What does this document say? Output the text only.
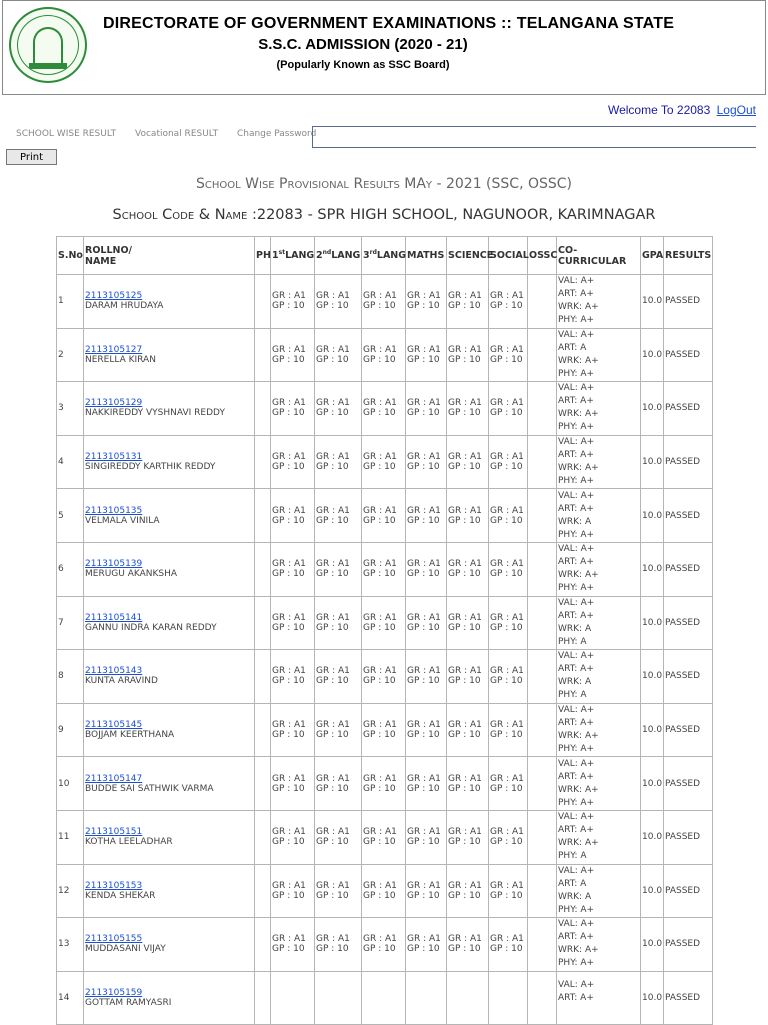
DIRECTORATE OF GOVERNMENT EXAMINATIONS :: TELANGANA STATE
S.S.C. ADMISSION (2020 - 21)
(Popularly Known as SSC Board)
Welcome To 22083 LogOut
SCHOOL WISE RESULT Vocational RESULT Change Password
Print
School Wise Provisional Results MAy - 2021 (SSC, OSSC)
School Code & Name :22083 - SPR HIGH SCHOOL, NAGUNOOR, KARIMNAGAR
S.No	ROLLNO/
NAME	PH	1stLANG	2ndLANG	3rdLANG	MATHS	SCIENCE	SOCIAL	OSSC	CO-CURRICULAR	GPA	RESULTS
1	2113105125
DARAM HRUDAYA		GR : A1
GP : 10	GR : A1
GP : 10	GR : A1
GP : 10	GR : A1
GP : 10	GR : A1
GP : 10	GR : A1
GP : 10		VAL: A+
ART: A+
WRK: A+
PHY: A+	10.0	PASSED
2	2113105127
NERELLA KIRAN		GR : A1
GP : 10	GR : A1
GP : 10	GR : A1
GP : 10	GR : A1
GP : 10	GR : A1
GP : 10	GR : A1
GP : 10		VAL: A+
ART: A
WRK: A+
PHY: A+	10.0	PASSED
3	2113105129
NAKKIREDDY VYSHNAVI REDDY		GR : A1
GP : 10	GR : A1
GP : 10	GR : A1
GP : 10	GR : A1
GP : 10	GR : A1
GP : 10	GR : A1
GP : 10		VAL: A+
ART: A+
WRK: A+
PHY: A+	10.0	PASSED
4	2113105131
SINGIREDDY KARTHIK REDDY		GR : A1
GP : 10	GR : A1
GP : 10	GR : A1
GP : 10	GR : A1
GP : 10	GR : A1
GP : 10	GR : A1
GP : 10		VAL: A+
ART: A+
WRK: A+
PHY: A+	10.0	PASSED
5	2113105135
VELMALA VINILA		GR : A1
GP : 10	GR : A1
GP : 10	GR : A1
GP : 10	GR : A1
GP : 10	GR : A1
GP : 10	GR : A1
GP : 10		VAL: A+
ART: A+
WRK: A
PHY: A+	10.0	PASSED
6	2113105139
MERUGU AKANKSHA		GR : A1
GP : 10	GR : A1
GP : 10	GR : A1
GP : 10	GR : A1
GP : 10	GR : A1
GP : 10	GR : A1
GP : 10		VAL: A+
ART: A+
WRK: A+
PHY: A+	10.0	PASSED
7	2113105141
GANNU INDRA KARAN REDDY		GR : A1
GP : 10	GR : A1
GP : 10	GR : A1
GP : 10	GR : A1
GP : 10	GR : A1
GP : 10	GR : A1
GP : 10		VAL: A+
ART: A+
WRK: A
PHY: A	10.0	PASSED
8	2113105143
KUNTA ARAVIND		GR : A1
GP : 10	GR : A1
GP : 10	GR : A1
GP : 10	GR : A1
GP : 10	GR : A1
GP : 10	GR : A1
GP : 10		VAL: A+
ART: A+
WRK: A
PHY: A	10.0	PASSED
9	2113105145
BOJJAM KEERTHANA		GR : A1
GP : 10	GR : A1
GP : 10	GR : A1
GP : 10	GR : A1
GP : 10	GR : A1
GP : 10	GR : A1
GP : 10		VAL: A+
ART: A+
WRK: A+
PHY: A+	10.0	PASSED
10	2113105147
BUDDE SAI SATHWIK VARMA		GR : A1
GP : 10	GR : A1
GP : 10	GR : A1
GP : 10	GR : A1
GP : 10	GR : A1
GP : 10	GR : A1
GP : 10		VAL: A+
ART: A+
WRK: A+
PHY: A+	10.0	PASSED
11	2113105151
KOTHA LEELADHAR		GR : A1
GP : 10	GR : A1
GP : 10	GR : A1
GP : 10	GR : A1
GP : 10	GR : A1
GP : 10	GR : A1
GP : 10		VAL: A+
ART: A+
WRK: A+
PHY: A	10.0	PASSED
12	2113105153
KENDA SHEKAR		GR : A1
GP : 10	GR : A1
GP : 10	GR : A1
GP : 10	GR : A1
GP : 10	GR : A1
GP : 10	GR : A1
GP : 10		VAL: A+
ART: A
WRK: A
PHY: A+	10.0	PASSED
13	2113105155
MUDDASANI VIJAY		GR : A1
GP : 10	GR : A1
GP : 10	GR : A1
GP : 10	GR : A1
GP : 10	GR : A1
GP : 10	GR : A1
GP : 10		VAL: A+
ART: A+
WRK: A+
PHY: A+	10.0	PASSED
14	2113105159
GOTTAM RAMYASRI									VAL: A+
ART: A+	10.0	PASSED
